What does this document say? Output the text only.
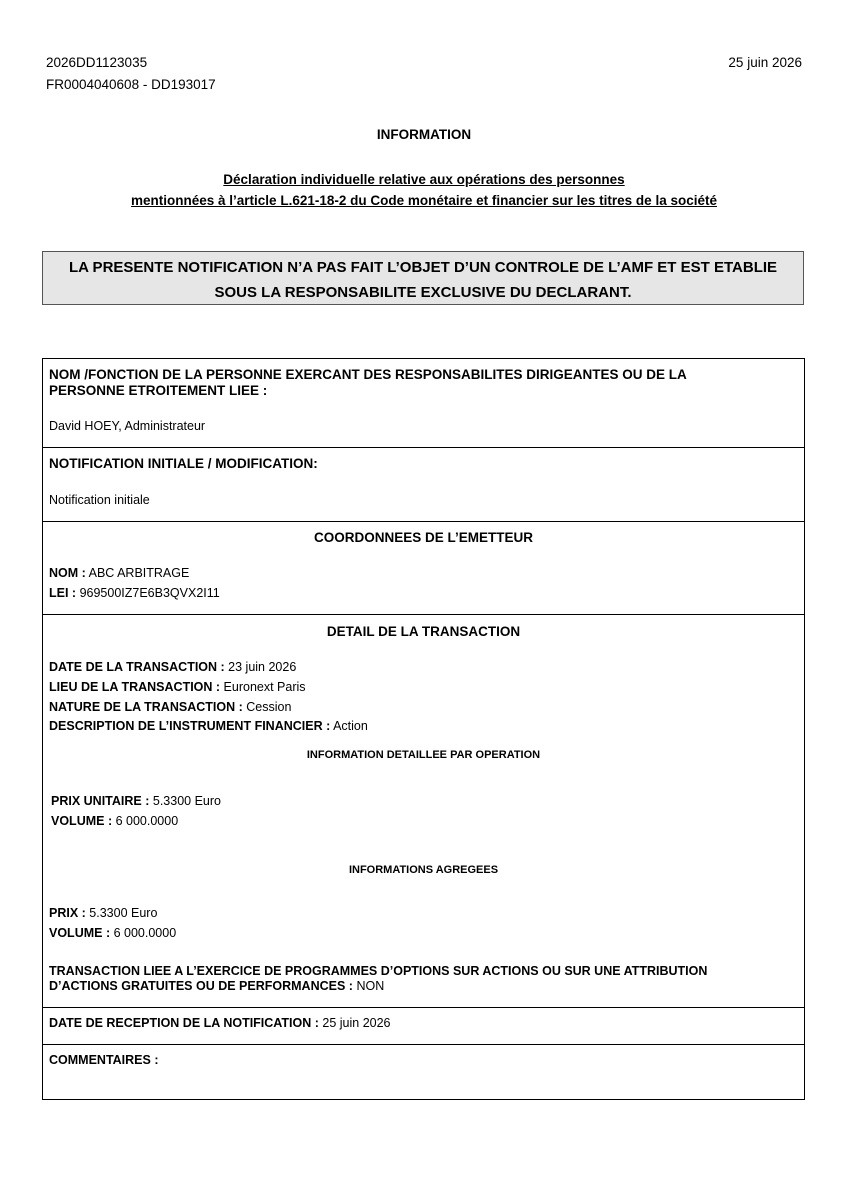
2026DD1123035
FR0004040608 - DD193017
25 juin 2026
INFORMATION
Déclaration individuelle relative aux opérations des personnes
mentionnées à l’article L.621-18-2 du Code monétaire et financier sur les titres de la société
LA PRESENTE NOTIFICATION N’A PAS FAIT L’OBJET D’UN CONTROLE DE L’AMF ET EST ETABLIE
SOUS LA RESPONSABILITE EXCLUSIVE DU DECLARANT.
NOM /FONCTION DE LA PERSONNE EXERCANT DES RESPONSABILITES DIRIGEANTES OU DE LA
PERSONNE ETROITEMENT LIEE :
David HOEY, Administrateur
NOTIFICATION INITIALE / MODIFICATION:
Notification initiale
COORDONNEES DE L’EMETTEUR
NOM : ABC ARBITRAGE
LEI : 969500IZ7E6B3QVX2I11
DETAIL DE LA TRANSACTION
DATE DE LA TRANSACTION : 23 juin 2026
LIEU DE LA TRANSACTION : Euronext Paris
NATURE DE LA TRANSACTION : Cession
DESCRIPTION DE L’INSTRUMENT FINANCIER : Action
INFORMATION DETAILLEE PAR OPERATION
PRIX UNITAIRE : 5.3300 Euro
VOLUME : 6 000.0000
INFORMATIONS AGREGEES
PRIX : 5.3300 Euro
VOLUME : 6 000.0000
TRANSACTION LIEE A L’EXERCICE DE PROGRAMMES D’OPTIONS SUR ACTIONS OU SUR UNE ATTRIBUTION
D’ACTIONS GRATUITES OU DE PERFORMANCES : NON
DATE DE RECEPTION DE LA NOTIFICATION : 25 juin 2026
COMMENTAIRES :
